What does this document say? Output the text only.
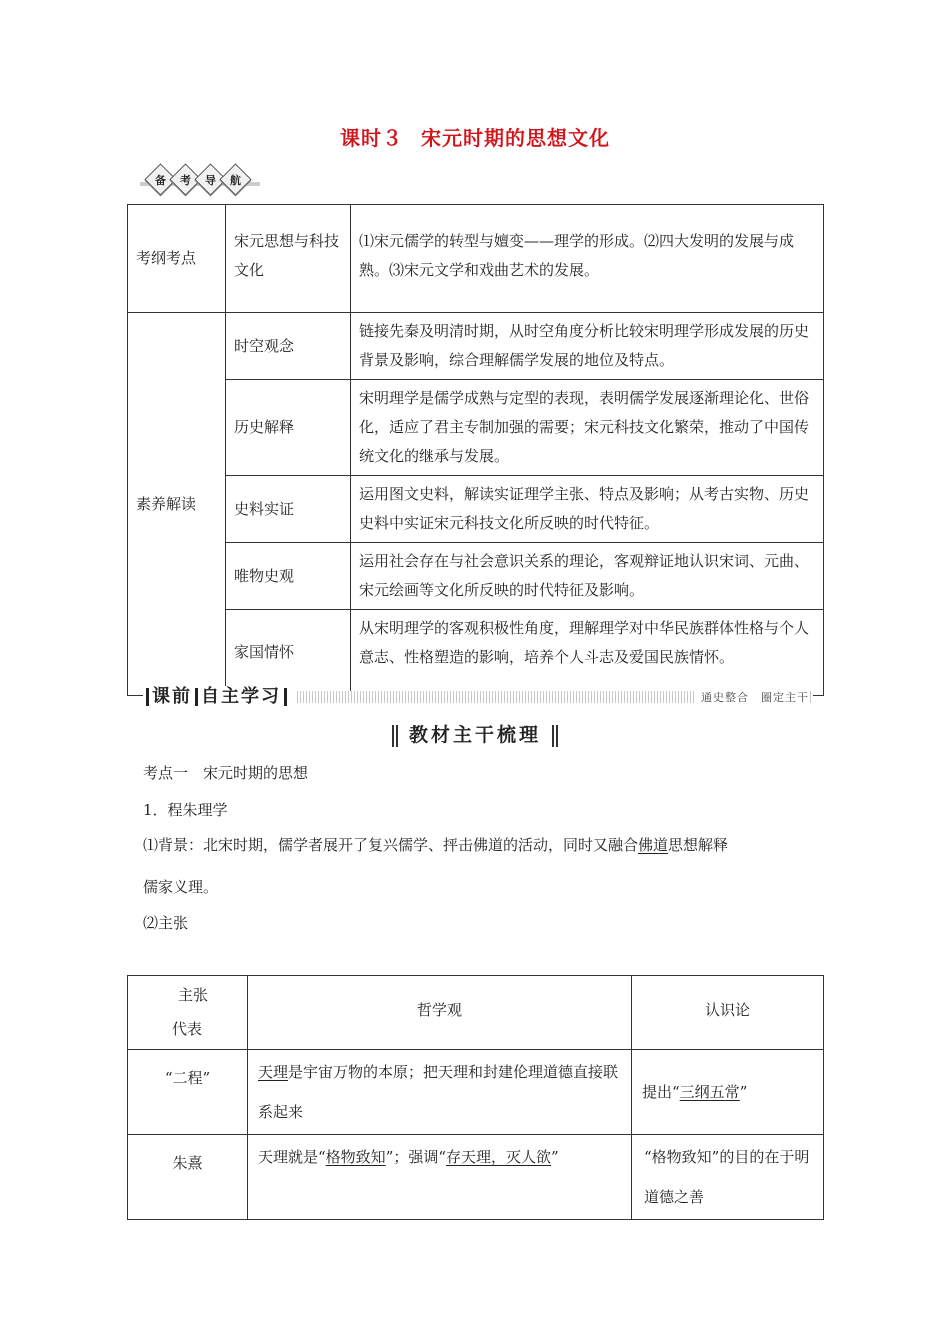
课时３ 宋元时期的思想文化
备 考 导 航
考纲考点	宋元思想与科技文化	⑴宋元儒学的转型与嬗变——理学的形成。⑵四大发明的发展与成熟。⑶宋元文学和戏曲艺术的发展。
素养解读	时空观念	链接先秦及明清时期，从时空角度分析比较宋明理学形成发展的历史背景及影响，综合理解儒学发展的地位及特点。
	历史解释	宋明理学是儒学成熟与定型的表现，表明儒学发展逐渐理论化、世俗化，适应了君主专制加强的需要；宋元科技文化繁荣，推动了中国传统文化的继承与发展。
	史料实证	运用图文史料，解读实证理学主张、特点及影响；从考古实物、历史史料中实证宋元科技文化所反映的时代特征。
	唯物史观	运用社会存在与社会意识关系的理论，客观辩证地认识宋词、元曲、宋元绘画等文化所反映的时代特征及影响。
	家国情怀	从宋明理学的客观积极性角度，理解理学对中华民族群体性格与个人意志、性格塑造的影响，培养个人斗志及爱国民族情怀。
课前 自主学习	通史整合　圈定主干
教材主干梳理
考点一　宋元时期的思想
1．程朱理学
⑴背景：北宋时期，儒学者展开了复兴儒学、抨击佛道的活动，同时又融合佛道思想解释
儒家义理。
⑵主张
主张
代表	哲学观	认识论
“二程”	天理是宇宙万物的本原；把天理和封建伦理道德直接联系起来	提出“三纲五常”
朱熹	天理就是“格物致知”；强调“存天理，灭人欲”	“格物致知”的目的在于明道德之善
